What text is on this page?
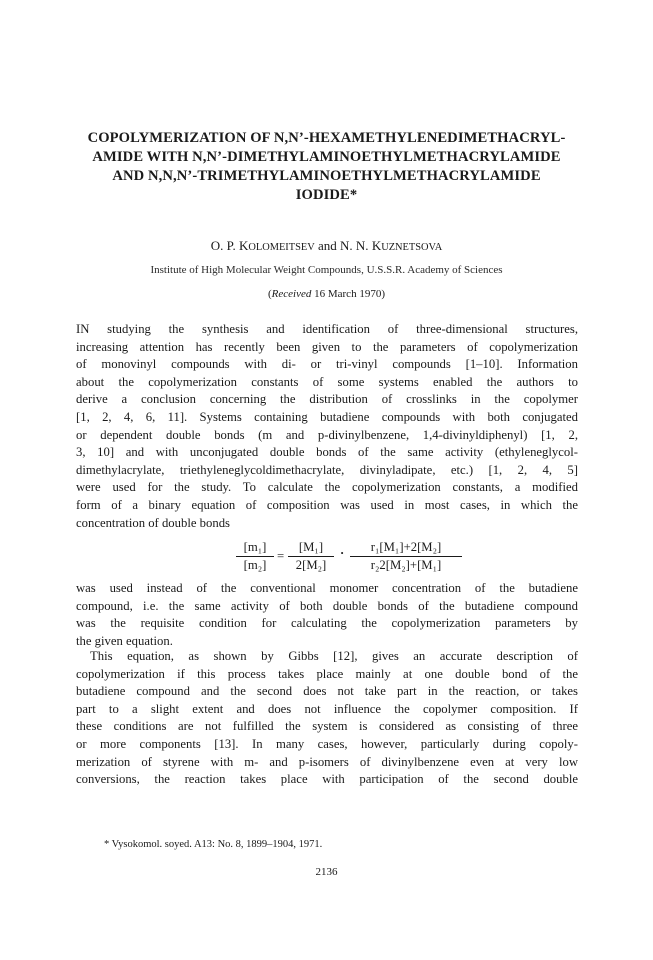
COPOLYMERIZATION OF N,N’-HEXAMETHYLENEDIMETHACRYL-
AMIDE WITH N,N’-DIMETHYLAMINOETHYLMETHACRYLAMIDE
AND N,N,N’-TRIMETHYLAMINOETHYLMETHACRYLAMIDE
IODIDE*
O. P. KOLOMEITSEV and N. N. KUZNETSOVA
Institute of High Molecular Weight Compounds, U.S.S.R. Academy of Sciences
(Received 16 March 1970)
IN studying the synthesis and identification of three-dimensional structures,
increasing attention has recently been given to the parameters of copolymerization
of monovinyl compounds with di- or tri-vinyl compounds [1–10]. Information
about the copolymerization constants of some systems enabled the authors to
derive a conclusion concerning the distribution of crosslinks in the copolymer
[1, 2, 4, 6, 11]. Systems containing butadiene compounds with both conjugated
or dependent double bonds (m and p-divinylbenzene, 1,4-divinyldiphenyl) [1, 2,
3, 10] and with unconjugated double bonds of the same activity (ethyleneglycol-
dimethylacrylate, triethyleneglycoldimethacrylate, divinyladipate, etc.) [1, 2, 4, 5]
were used for the study. To calculate the copolymerization constants, a modified
form of a binary equation of composition was used in most cases, in which the
concentration of double bonds
$\frac{\text{[m₁]}}{\text{[m₂]}} = \frac{\text{[M₁]}}{\text{2[M₂]}} \cdot \frac{\text{r₁[M₁]+2[M₂]}}{\text{r₂2[M₂]+[M₁]}}$
was used instead of the conventional monomer concentration of the butadiene
compound, i.e. the same activity of both double bonds of the butadiene compound
was the requisite condition for calculating the copolymerization parameters by
the given equation.
This equation, as shown by Gibbs [12], gives an accurate description of
copolymerization if this process takes place mainly at one double bond of the
butadiene compound and the second does not take part in the reaction, or takes
part to a slight extent and does not influence the copolymer composition. If
these conditions are not fulfilled the system is considered as consisting of three
or more components [13]. In many cases, however, particularly during copoly-
merization of styrene with m- and p-isomers of divinylbenzene even at very low
conversions, the reaction takes place with participation of the second double
* Vysokomol. soyed. A13: No. 8, 1899–1904, 1971.
2136
